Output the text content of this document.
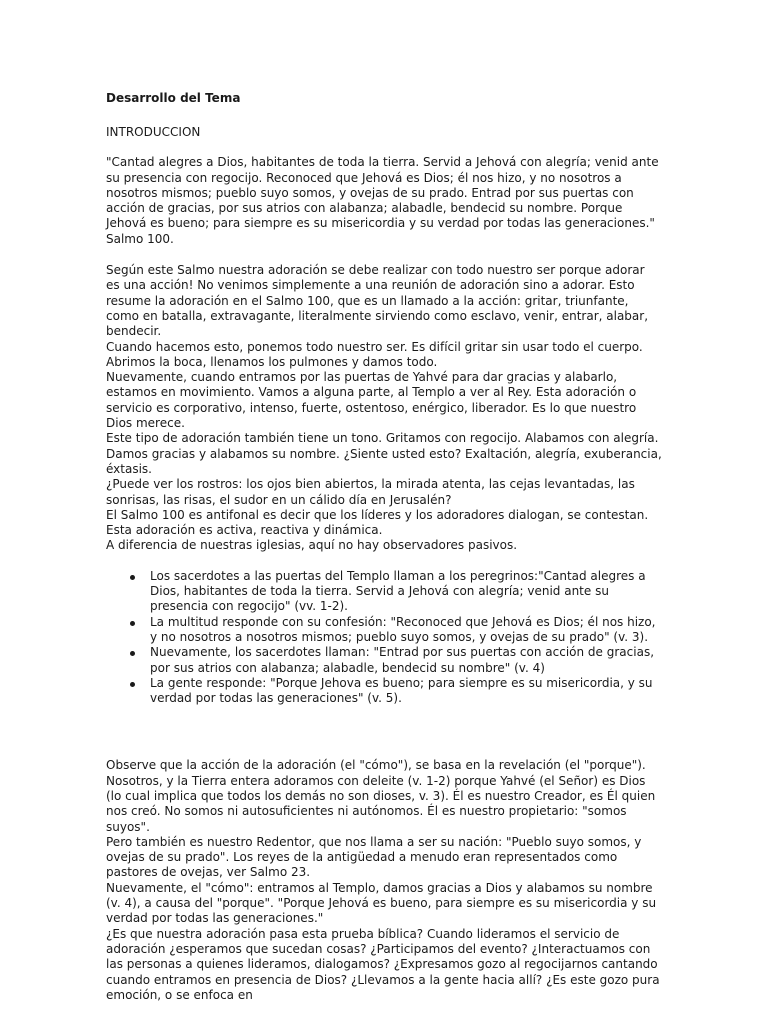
Desarrollo del Tema

INTRODUCCION

"Cantad alegres a Dios, habitantes de toda la tierra. Servid a Jehová con alegría; venid ante su presencia con regocijo. Reconoced que Jehová es Dios; él nos hizo, y no nosotros a nosotros mismos; pueblo suyo somos, y ovejas de su prado. Entrad por sus puertas con acción de gracias, por sus atrios con alabanza; alabadle, bendecid su nombre. Porque Jehová es bueno; para siempre es su misericordia y su verdad por todas las generaciones." Salmo 100.

Según este Salmo nuestra adoración se debe realizar con todo nuestro ser porque adorar es una acción! No venimos simplemente a una reunión de adoración sino a adorar. Esto resume la adoración en el Salmo 100, que es un llamado a la acción: gritar, triunfante, como en batalla, extravagante, literalmente sirviendo como esclavo, venir, entrar, alabar, bendecir.

Cuando hacemos esto, ponemos todo nuestro ser. Es difícil gritar sin usar todo el cuerpo. Abrimos la boca, llenamos los pulmones y damos todo.

Nuevamente, cuando entramos por las puertas de Yahvé para dar gracias y alabarlo, estamos en movimiento. Vamos a alguna parte, al Templo a ver al Rey. Esta adoración o servicio es corporativo, intenso, fuerte, ostentoso, enérgico, liberador. Es lo que nuestro Dios merece.

Este tipo de adoración también tiene un tono. Gritamos con regocijo. Alabamos con alegría. Damos gracias y alabamos su nombre. ¿Siente usted esto? Exaltación, alegría, exuberancia, éxtasis.

¿Puede ver los rostros: los ojos bien abiertos, la mirada atenta, las cejas levantadas, las sonrisas, las risas, el sudor en un cálido día en Jerusalén?

El Salmo 100 es antifonal es decir que los líderes y los adoradores dialogan, se contestan. Esta adoración es activa, reactiva y dinámica.

A diferencia de nuestras iglesias, aquí no hay observadores pasivos.

Los sacerdotes a las puertas del Templo llaman a los peregrinos:"Cantad alegres a Dios, habitantes de toda la tierra. Servid a Jehová con alegría; venid ante su presencia con regocijo" (vv. 1-2).
La multitud responde con su confesión: "Reconoced que Jehová es Dios; él nos hizo, y no nosotros a nosotros mismos; pueblo suyo somos, y ovejas de su prado" (v. 3).
Nuevamente, los sacerdotes llaman: "Entrad por sus puertas con acción de gracias, por sus atrios con alabanza; alabadle, bendecid su nombre" (v. 4)
La gente responde: "Porque Jehova es bueno; para siempre es su misericordia, y su verdad por todas las generaciones" (v. 5).

Observe que la acción de la adoración (el "cómo"), se basa en la revelación (el "porque"). Nosotros, y la Tierra entera adoramos con deleite (v. 1-2) porque Yahvé (el Señor) es Dios (lo cual implica que todos los demás no son dioses, v. 3). Él es nuestro Creador, es Él quien nos creó. No somos ni autosuficientes ni autónomos. Él es nuestro propietario: "somos suyos".

Pero también es nuestro Redentor, que nos llama a ser su nación: "Pueblo suyo somos, y ovejas de su prado". Los reyes de la antigüedad a menudo eran representados como pastores de ovejas, ver Salmo 23.

Nuevamente, el "cómo": entramos al Templo, damos gracias a Dios y alabamos su nombre (v. 4), a causa del "porque". "Porque Jehová es bueno, para siempre es su misericordia y su verdad por todas las generaciones."

¿Es que nuestra adoración pasa esta prueba bíblica? Cuando lideramos el servicio de adoración ¿esperamos que sucedan cosas? ¿Participamos del evento? ¿Interactuamos con las personas a quienes lideramos, dialogamos? ¿Expresamos gozo al regocijarnos cantando cuando entramos en presencia de Dios? ¿Llevamos a la gente hacia allí? ¿Es este gozo pura emoción, o se enfoca en
